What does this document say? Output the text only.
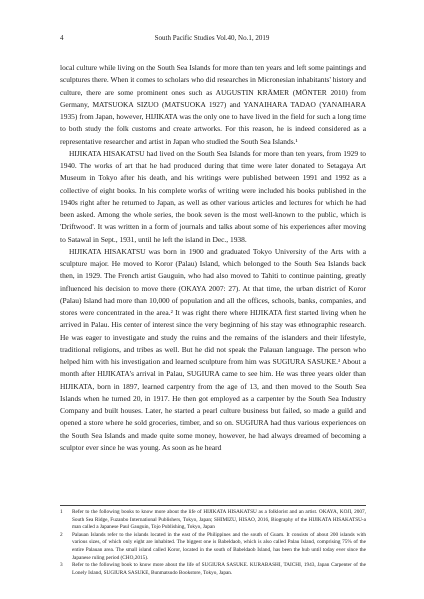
4	South Pacific Studies Vol.40, No.1, 2019

local culture while living on the South Sea Islands for more than ten years and left some paintings and sculptures there. When it comes to scholars who did researches in Micronesian inhabitants' history and culture, there are some prominent ones such as AUGUSTIN KRÄMER (MÖNTER 2010) from Germany, MATSUOKA SIZUO (MATSUOKA 1927) and YANAIHARA TADAO (YANAIHARA 1935) from Japan, however, HIJIKATA was the only one to have lived in the field for such a long time to both study the folk customs and create artworks. For this reason, he is indeed considered as a representative researcher and artist in Japan who studied the South Sea Islands.¹

HIJIKATA HISAKATSU had lived on the South Sea Islands for more than ten years, from 1929 to 1940. The works of art that he had produced during that time were later donated to Setagaya Art Museum in Tokyo after his death, and his writings were published between 1991 and 1992 as a collective of eight books. In his complete works of writing were included his books published in the 1940s right after he returned to Japan, as well as other various articles and lectures for which he had been asked. Among the whole series, the book seven is the most well-known to the public, which is 'Driftwood'. It was written in a form of journals and talks about some of his experiences after moving to Satawal in Sept., 1931, until he left the island in Dec., 1938.

HIJIKATA HISAKATSU was born in 1900 and graduated Tokyo University of the Arts with a sculpture major. He moved to Koror (Palau) Island, which belonged to the South Sea Islands back then, in 1929. The French artist Gauguin, who had also moved to Tahiti to continue painting, greatly influenced his decision to move there (OKAYA 2007: 27). At that time, the urban district of Koror (Palau) Island had more than 10,000 of population and all the offices, schools, banks, companies, and stores were concentrated in the area.² It was right there where HIJIKATA first started living when he arrived in Palau. His center of interest since the very beginning of his stay was ethnographic research. He was eager to investigate and study the ruins and the remains of the islanders and their lifestyle, traditional religions, and tribes as well. But he did not speak the Palauan language. The person who helped him with his investigation and learned sculpture from him was SUGIURA SASUKE.³ About a month after HIJIKATA's arrival in Palau, SUGIURA came to see him. He was three years older than HIJIKATA, born in 1897, learned carpentry from the age of 13, and then moved to the South Sea Islands when he turned 20, in 1917. He then got employed as a carpenter by the South Sea Industry Company and built houses. Later, he started a pearl culture business but failed, so made a guild and opened a store where he sold groceries, timber, and so on. SUGIURA had thus various experiences on the South Sea Islands and made quite some money, however, he had always dreamed of becoming a sculptor ever since he was young. As soon as he heard

1 Refer to the following books to know more about the life of HIJIKATA HISAKATSU as a folklorist and an artist. OKAYA, KOJI, 2007, South Sea Ridge, Fuzanbo International Publishers, Tokyo, Japan; SHIMIZU, HISAO, 2016, Biography of the HIJIKATA HISAKATSU-a man called a Japanese Paul Gauguin, Tojo Publishing, Tokyo, Japan
2 Palauan Islands refer to the islands located in the east of the Philippines and the south of Guam. It consists of about 200 islands with various sizes, of which only eight are inhabited. The biggest one is Babeldaob, which is also called Palau Island, comprising 75% of the entire Palauan area. The small island called Koror, located in the south of Babeldaob Island, has been the hub until today ever since the Japanese ruling period (CHO,2015).
3 Refer to the following book to know more about the life of SUGIURA SASUKE. KURABASHI, TAICHI, 1943, Japan Carpenter of the Lonely Island, SUGIURA SASUKE, Bunmatsudo Bookstore, Tokyo, Japan.
